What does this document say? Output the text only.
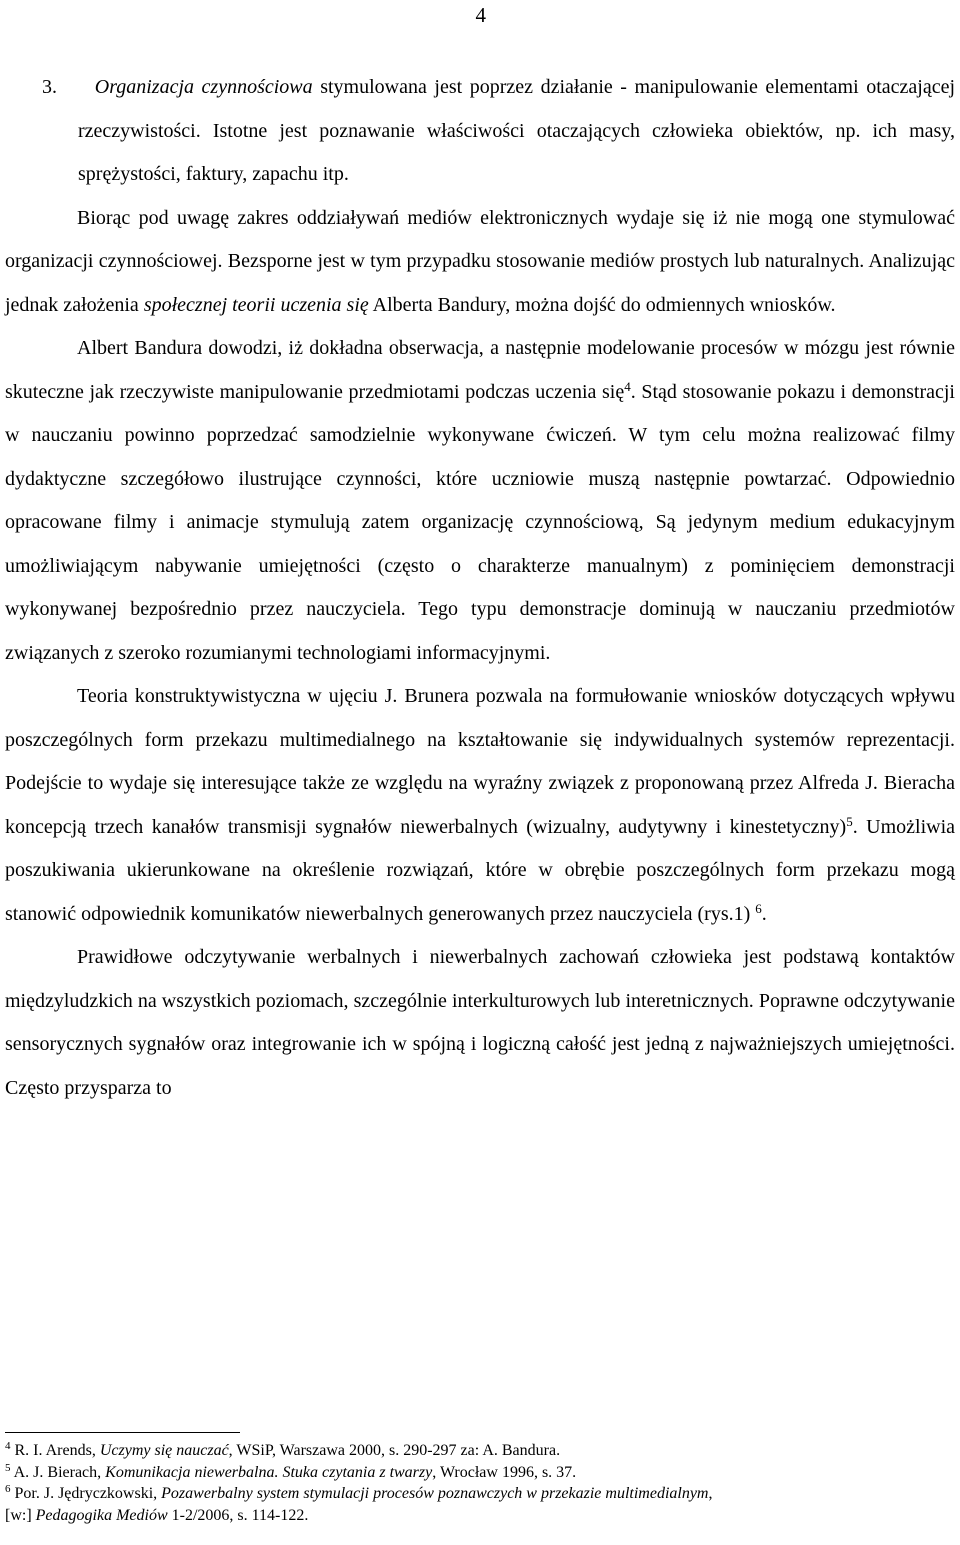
4

3. Organizacja czynnościowa stymulowana jest poprzez działanie - manipulowanie elementami otaczającej rzeczywistości. Istotne jest poznawanie właściwości otaczających człowieka obiektów, np. ich masy, sprężystości, faktury, zapachu itp.

Biorąc pod uwagę zakres oddziaływań mediów elektronicznych wydaje się iż nie mogą one stymulować organizacji czynnościowej. Bezsporne jest w tym przypadku stosowanie mediów prostych lub naturalnych. Analizując jednak założenia społecznej teorii uczenia się Alberta Bandury, można dojść do odmiennych wniosków.

Albert Bandura dowodzi, iż dokładna obserwacja, a następnie modelowanie procesów w mózgu jest równie skuteczne jak rzeczywiste manipulowanie przedmiotami podczas uczenia się$^4$. Stąd stosowanie pokazu i demonstracji w nauczaniu powinno poprzedzać samodzielnie wykonywane ćwiczeń. W tym celu można realizować filmy dydaktyczne szczegółowo ilustrujące czynności, które uczniowie muszą następnie powtarzać. Odpowiednio opracowane filmy i animacje stymulują zatem organizację czynnościową, Są jedynym medium edukacyjnym umożliwiającym nabywanie umiejętności (często o charakterze manualnym) z pominięciem demonstracji wykonywanej bezpośrednio przez nauczyciela. Tego typu demonstracje dominują w nauczaniu przedmiotów związanych z szeroko rozumianymi technologiami informacyjnymi.

Teoria konstruktywistyczna w ujęciu J. Brunera pozwala na formułowanie wniosków dotyczących wpływu poszczególnych form przekazu multimedialnego na kształtowanie się indywidualnych systemów reprezentacji. Podejście to wydaje się interesujące także ze względu na wyraźny związek z proponowaną przez Alfreda J. Bieracha koncepcją trzech kanałów transmisji sygnałów niewerbalnych (wizualny, audytywny i kinestetyczny)$^5$. Umożliwia poszukiwania ukierunkowane na określenie rozwiązań, które w obrębie poszczególnych form przekazu mogą stanowić odpowiednik komunikatów niewerbalnych generowanych przez nauczyciela (rys.1) $^6$.

Prawidłowe odczytywanie werbalnych i niewerbalnych zachowań człowieka jest podstawą kontaktów międzyludzkich na wszystkich poziomach, szczególnie interkulturowych lub interetnicznych. Poprawne odczytywanie sensorycznych sygnałów oraz integrowanie ich w spójną i logiczną całość jest jedną z najważniejszych umiejętności. Często przysparza to

$^4$ R. I. Arends, Uczymy się nauczać, WSiP, Warszawa 2000, s. 290-297 za: A. Bandura.

$^5$ A. J. Bierach, Komunikacja niewerbalna. Stuka czytania z twarzy, Wrocław 1996, s. 37.

$^6$ Por. J. Jędryczkowski, Pozawerbalny system stymulacji procesów poznawczych w przekazie multimedialnym,
[w:] Pedagogika Mediów 1-2/2006, s. 114-122.
